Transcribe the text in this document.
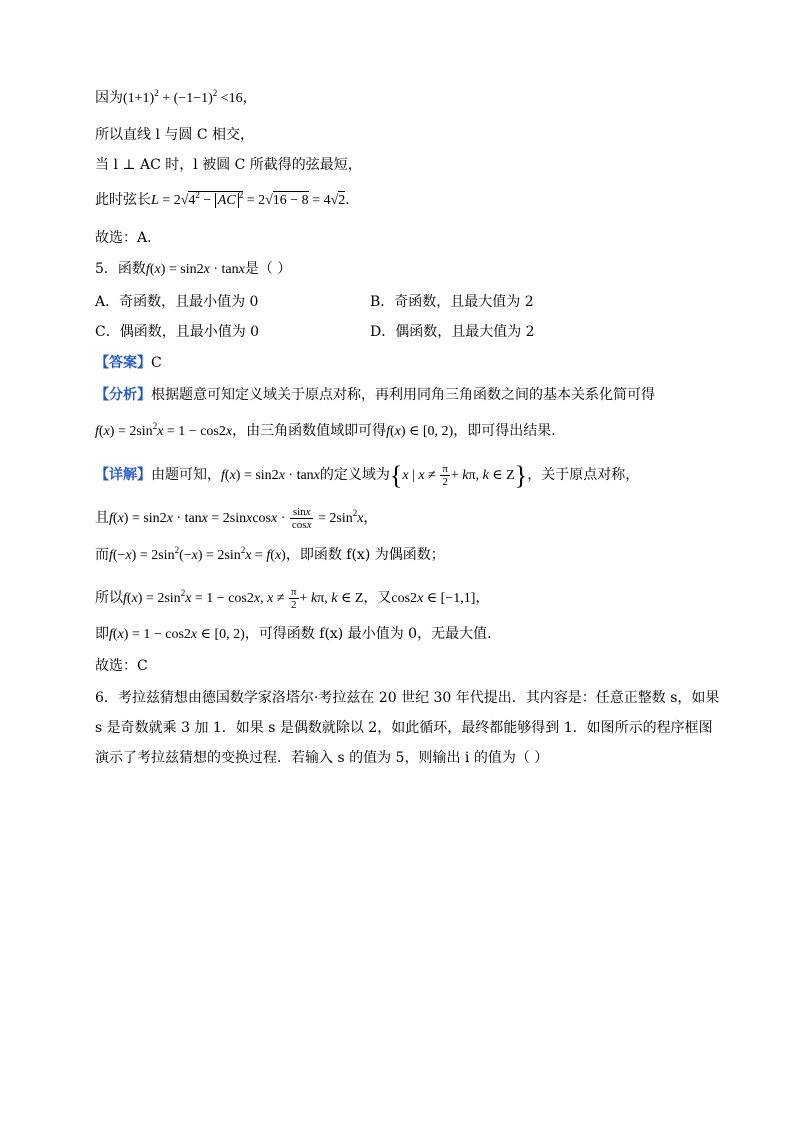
因为$(1+1)^2 + (-1-1)^2 <16$，
所以直线 l 与圆 C 相交，
当 l ⊥ AC 时，l 被圆 C 所截得的弦最短，
此时弦长$L = 2√4^2$ − AC $^2$ = 2√16 − 8 = 4√2．
故选：A．
5．函数f(x) = sin2x · tanx是（ ）
A．奇函数，且最小值为 0	B．奇函数，且最大值为 2
C．偶函数，且最小值为 0	D．偶函数，且最大值为 2
【答案】C
【分析】根据题意可知定义域关于原点对称，再利用同角三角函数之间的基本关系化简可得
$f(x) = 2\sin^2x = 1 - \cos 2x$，由三角函数值域即可得f(x) ∈ [0, 2)，即可得出结果.
【详解】由题可知，f(x) = sin2x · tanx的定义域为{x | $x \ne \frac{\pi}{2} + k\pi$, k ∈ Z}，关于原点对称，
且f(x) = sin2x · tanx = 2sinxcosx · $\frac{\sin x}{\cos x} = 2\sin^2x$，
而$f(-x) = 2\sin^2(-x) = 2\sin^2x = f(x)$，即函数 f(x) 为偶函数；
所以$f(x) = 2\sin^2x = 1 - \cos 2x$, $x \ne \frac{\pi}{2} + k\pi$, k ∈ Z，又cos2x ∈ [−1,1]，
即f(x) = 1 − cos2x ∈ [0, 2)，可得函数 f(x) 最小值为 0，无最大值.
故选：C
6．考拉兹猜想由德国数学家洛塔尔·考拉兹在 20 世纪 30 年代提出．其内容是：任意正整数 s，如果
s 是奇数就乘 3 加 1．如果 s 是偶数就除以 2，如此循环，最终都能够得到 1．如图所示的程序框图
演示了考拉兹猜想的变换过程．若输入 s 的值为 5，则输出 i 的值为（ ）
